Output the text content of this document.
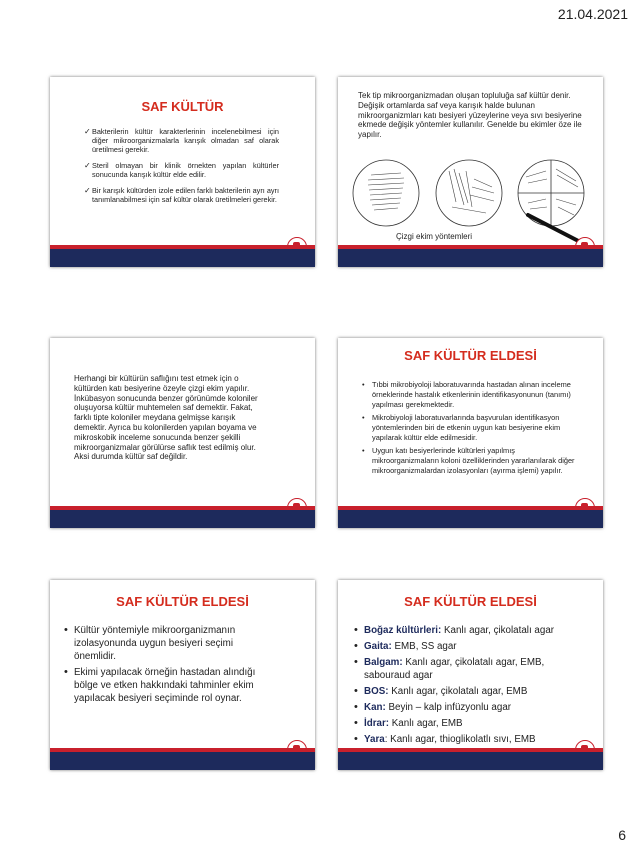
21.04.2021
SAF KÜLTÜR
✓ Bakterilerin kültür karakterlerinin incelenebilmesi için diğer mikroorganizmalarla karışık olmadan saf olarak üretilmesi gerekir.
✓ Steril olmayan bir klinik örnekten yapılan kültürler sonucunda karışık kültür elde edilir.
✓ Bir karışık kültürden izole edilen farklı bakterilerin ayrı ayrı tanımlanabilmesi için saf kültür olarak üretilmeleri gerekir.
Tek tip mikroorganizmadan oluşan topluluğa saf kültür denir. Değişik ortamlarda saf veya karışık halde bulunan mikroorganizmları katı besiyeri yüzeylerine veya sıvı besiyerine ekmede değişik yöntemler kullanılır. Genelde bu ekimler öze ile yapılır.
Çizgi ekim yöntemleri
Herhangi bir kültürün saflığını test etmek için o kültürden katı besiyerine özeyle çizgi ekim yapılır. İnkübasyon sonucunda benzer görünümde koloniler oluşuyorsa kültür muhtemelen saf demektir. Fakat, farklı tipte koloniler meydana gelmişse karışık demektir. Ayrıca bu kolonilerden yapılan boyama ve mikroskobik inceleme sonucunda benzer şekilli mikroorganizmalar görülürse saflık test edilmiş olur. Aksi durumda kültür saf değildir.
SAF KÜLTÜR ELDESİ
• Tıbbi mikrobiyoloji laboratuvarında hastadan alınan inceleme örneklerinde hastalık etkenlerinin identifikasyonunun (tanımı) yapılması gerekmektedir.
• Mikrobiyoloji laboratuvarlarında başvurulan identifikasyon yöntemlerinden biri de etkenin uygun katı besiyerine ekim yapılarak kültür elde edilmesidir.
• Uygun katı besiyerlerinde kültürleri yapılmış mikroorganizmaların koloni özelliklerinden yararlanılarak diğer mikroorganizmalardan izolasyonları (ayırma işlemi) yapılır.
SAF KÜLTÜR ELDESİ
• Kültür yöntemiyle mikroorganizmanın izolasyonunda uygun besiyeri seçimi önemlidir.
• Ekimi yapılacak örneğin hastadan alındığı bölge ve etken hakkındaki tahminler ekim yapılacak besiyeri seçiminde rol oynar.
SAF KÜLTÜR ELDESİ
• Boğaz kültürleri: Kanlı agar, çikolatalı agar
• Gaita: EMB, SS agar
• Balgam: Kanlı agar, çikolatalı agar, EMB, sabouraud agar
• BOS: Kanlı agar, çikolatalı agar, EMB
• Kan: Beyin – kalp infüzyonlu agar
• İdrar: Kanlı agar, EMB
• Yara: Kanlı agar, thioglikolatlı sıvı, EMB
6
